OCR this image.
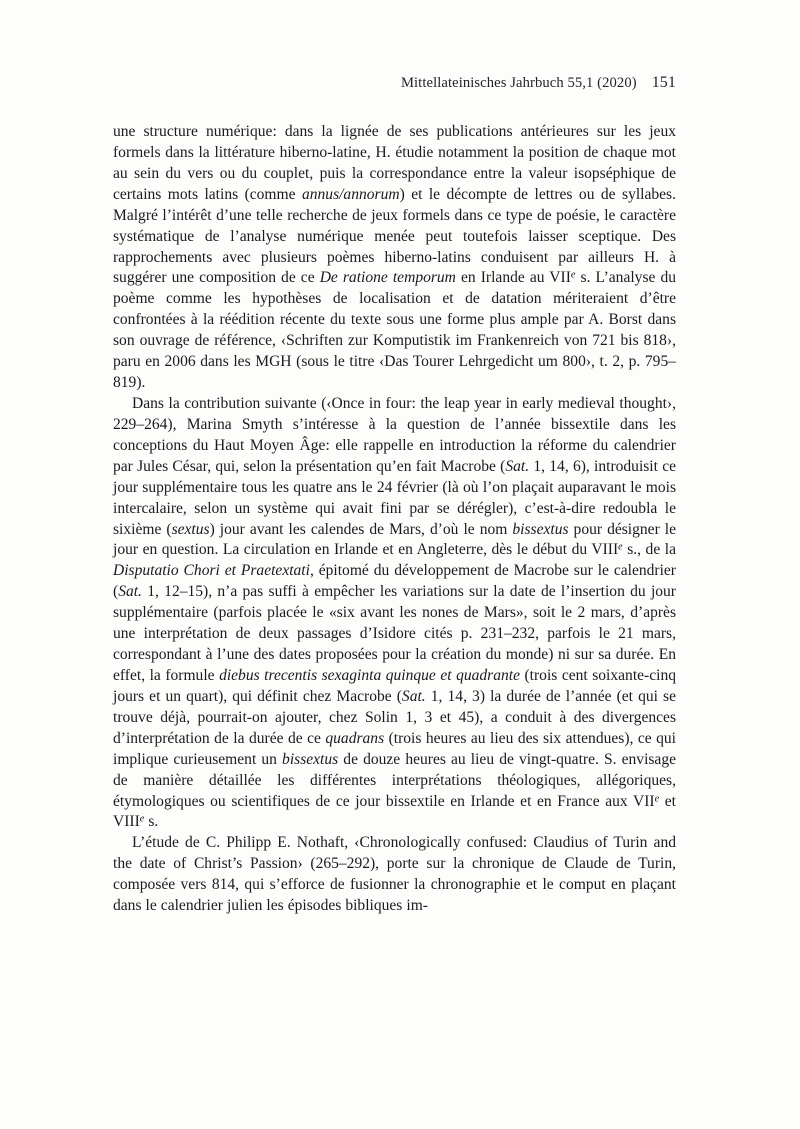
Mittellateinisches Jahrbuch 55,1 (2020) 151

une structure numérique: dans la lignée de ses publications antérieures sur les jeux formels dans la littérature hiberno-latine, H. étudie notamment la position de chaque mot au sein du vers ou du couplet, puis la correspondance entre la valeur isopséphique de certains mots latins (comme annus/annorum) et le décompte de lettres ou de syllabes. Malgré l’intérêt d’une telle recherche de jeux formels dans ce type de poésie, le caractère systématique de l’analyse numérique menée peut toutefois laisser sceptique. Des rapprochements avec plusieurs poèmes hiberno-latins conduisent par ailleurs H. à suggérer une composition de ce De ratione temporum en Irlande au VIIe s. L’analyse du poème comme les hypothèses de localisation et de datation mériteraient d’être confrontées à la réédition récente du texte sous une forme plus ample par A. Borst dans son ouvrage de référence, ‹Schriften zur Komputistik im Frankenreich von 721 bis 818›, paru en 2006 dans les MGH (sous le titre ‹Das Tourer Lehrgedicht um 800›, t. 2, p. 795–819).

Dans la contribution suivante (‹Once in four: the leap year in early medieval thought›, 229–264), Marina Smyth s’intéresse à la question de l’année bissextile dans les conceptions du Haut Moyen Âge: elle rappelle en introduction la réforme du calendrier par Jules César, qui, selon la présentation qu’en fait Macrobe (Sat. 1, 14, 6), introduisit ce jour supplémentaire tous les quatre ans le 24 février (là où l’on plaçait auparavant le mois intercalaire, selon un système qui avait fini par se dérégler), c’est-à-dire redoubla le sixième (sextus) jour avant les calendes de Mars, d’où le nom bissextus pour désigner le jour en question. La circulation en Irlande et en Angleterre, dès le début du VIIIe s., de la Disputatio Chori et Praetextati, épitomé du développement de Macrobe sur le calendrier (Sat. 1, 12–15), n’a pas suffi à empêcher les variations sur la date de l’insertion du jour supplémentaire (parfois placée le «six avant les nones de Mars», soit le 2 mars, d’après une interprétation de deux passages d’Isidore cités p. 231–232, parfois le 21 mars, correspondant à l’une des dates proposées pour la création du monde) ni sur sa durée. En effet, la formule diebus trecentis sexaginta quinque et quadrante (trois cent soixante-cinq jours et un quart), qui définit chez Macrobe (Sat. 1, 14, 3) la durée de l’année (et qui se trouve déjà, pourrait-on ajouter, chez Solin 1, 3 et 45), a conduit à des divergences d’interprétation de la durée de ce quadrans (trois heures au lieu des six attendues), ce qui implique curieusement un bissextus de douze heures au lieu de vingt-quatre. S. envisage de manière détaillée les différentes interprétations théologiques, allégoriques, étymologiques ou scientifiques de ce jour bissextile en Irlande et en France aux VIIe et VIIIe s.

L’étude de C. Philipp E. Nothaft, ‹Chronologically confused: Claudius of Turin and the date of Christ’s Passion› (265–292), porte sur la chronique de Claude de Turin, composée vers 814, qui s’efforce de fusionner la chronographie et le comput en plaçant dans le calendrier julien les épisodes bibliques im-
